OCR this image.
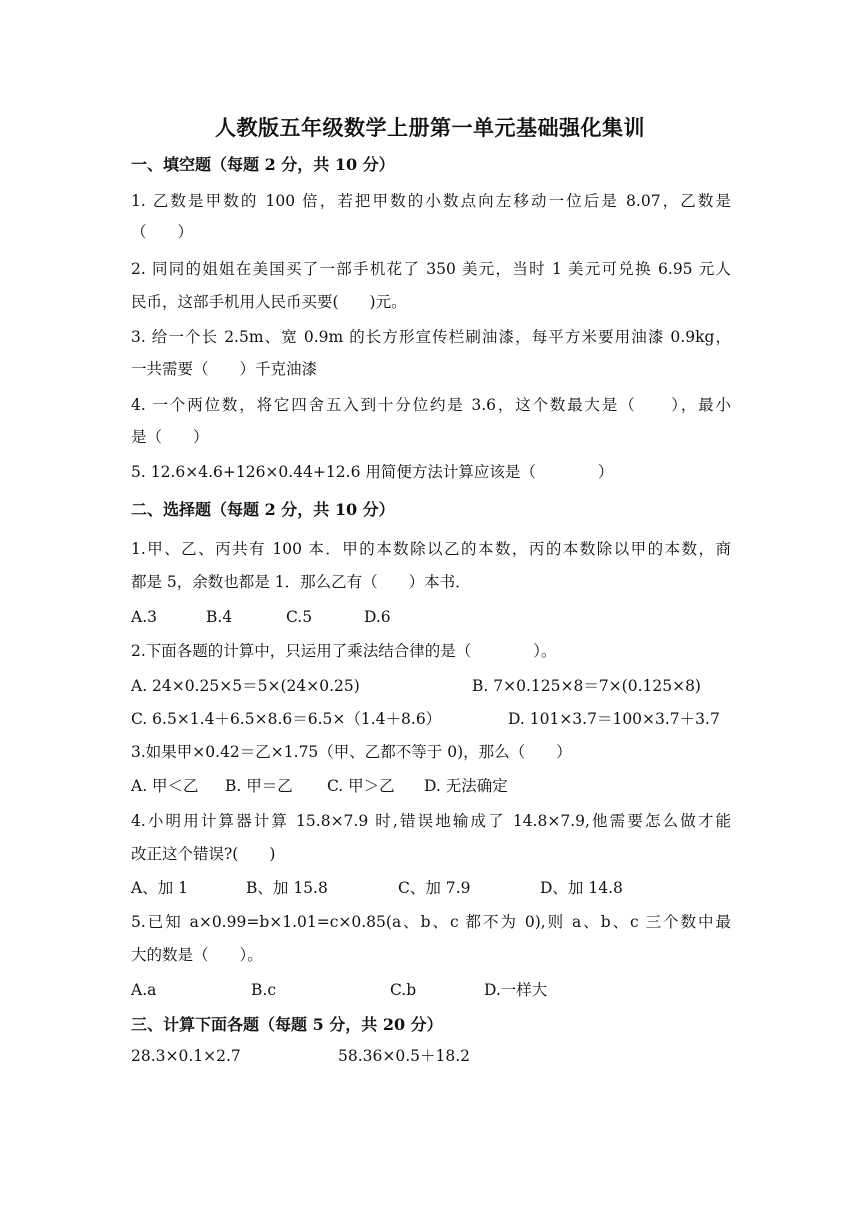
人教版五年级数学上册第一单元基础强化集训
一、填空题（每题 2 分，共 10 分）
1. 乙数是甲数的 100 倍，若把甲数的小数点向左移动一位后是 8.07，乙数是
（　　）
2. 同同的姐姐在美国买了一部手机花了 350 美元，当时 1 美元可兑换 6.95 元人
民币，这部手机用人民币买要(　　)元。
3. 给一个长 2.5m、宽 0.9m 的长方形宣传栏刷油漆，每平方米要用油漆 0.9kg，
一共需要（　　）千克油漆
4. 一个两位数，将它四舍五入到十分位约是 3.6，这个数最大是（　　），最小
是（　　）
5. 12.6×4.6+126×0.44+12.6 用简便方法计算应该是（　　　　）
二、选择题（每题 2 分，共 10 分）
1.甲、乙、丙共有 100 本．甲的本数除以乙的本数，丙的本数除以甲的本数，商
都是 5，余数也都是 1．那么乙有（　　）本书．
A.3	B.4	C.5	D.6
2.下面各题的计算中，只运用了乘法结合律的是（　　　　）。
A. 24×0.25×5＝5×(24×0.25)	B. 7×0.125×8＝7×(0.125×8)
C. 6.5×1.4＋6.5×8.6＝6.5×（1.4＋8.6）	D. 101×3.7＝100×3.7＋3.7
3.如果甲×0.42＝乙×1.75（甲、乙都不等于 0)，那么（　　）
A. 甲＜乙 B. 甲＝乙 C. 甲＞乙 D. 无法确定
4.小明用计算器计算 15.8×7.9 时,错误地输成了 14.8×7.9,他需要怎么做才能
改正这个错误?(　　)
A、加 1	B、加 15.8	C、加 7.9	D、加 14.8
5.已知 a×0.99=b×1.01=c×0.85(a、b、c 都不为 0),则 a、b、c 三个数中最
大的数是（　　）。
A.a	B.c	C.b	D.一样大
三、计算下面各题（每题 5 分，共 20 分）
28.3×0.1×2.7	58.36×0.5＋18.2
